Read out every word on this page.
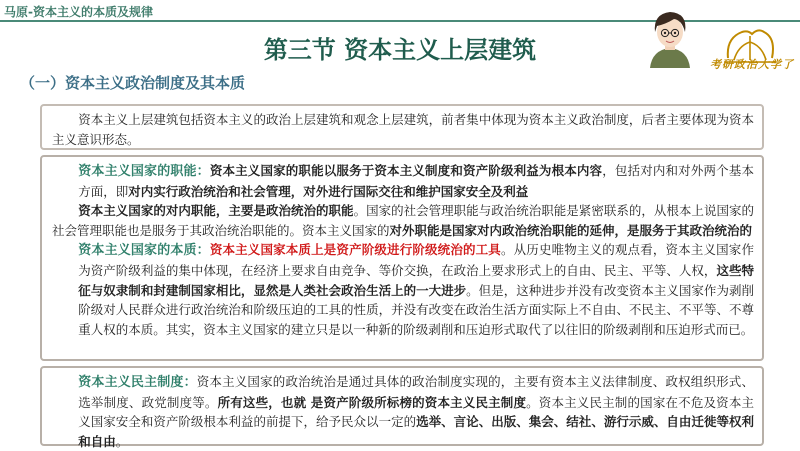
马原-资本主义的本质及规律
第三节 资本主义上层建筑
考研政治大学了
（一）资本主义政治制度及其本质
资本主义上层建筑包括资本主义的政治上层建筑和观念上层建筑，前者集中体现为资本主义政治制度，后者主要体现为资本主义意识形态。
资本主义国家的职能：资本主义国家的职能以服务于资本主义制度和资产阶级利益为根本内容，包括对内和对外两个基本方面，即对内实行政治统治和社会管理，对外进行国际交往和维护国家安全及利益
资本主义国家的对内职能，主要是政治统治的职能。国家的社会管理职能与政治统治职能是紧密联系的，从根本上说国家的社会管理职能也是服务于其政治统治职能的。资本主义国家的对外职能是国家对内政治统治职能的延伸，是服务于其政治统治的
资本主义国家的本质：资本主义国家本质上是资产阶级进行阶级统治的工具。从历史唯物主义的观点看，资本主义国家作为资产阶级利益的集中体现，在经济上要求自由竞争、等价交换，在政治上要求形式上的自由、民主、平等、人权，这些特征与奴隶制和封建制国家相比，显然是人类社会政治生活上的一大进步。但是，这种进步并没有改变资本主义国家作为剥削阶级对人民群众进行政治统治和阶级压迫的工具的性质，并没有改变在政治生活方面实际上不自由、不民主、不平等、不尊重人权的本质。其实，资本主义国家的建立只是以一种新的阶级剥削和压迫形式取代了以往旧的阶级剥削和压迫形式而已。
资本主义民主制度：资本主义国家的政治统治是通过具体的政治制度实现的，主要有资本主义法律制度、政权组织形式、选举制度、政党制度等。所有这些，也就 是资产阶级所标榜的资本主义民主制度。资本主义民主制的国家在不危及资本主义国家安全和资产阶级根本利益的前提下，给予民众以一定的选举、言论、出版、集会、结社、游行示威、自由迁徙等权利和自由。
